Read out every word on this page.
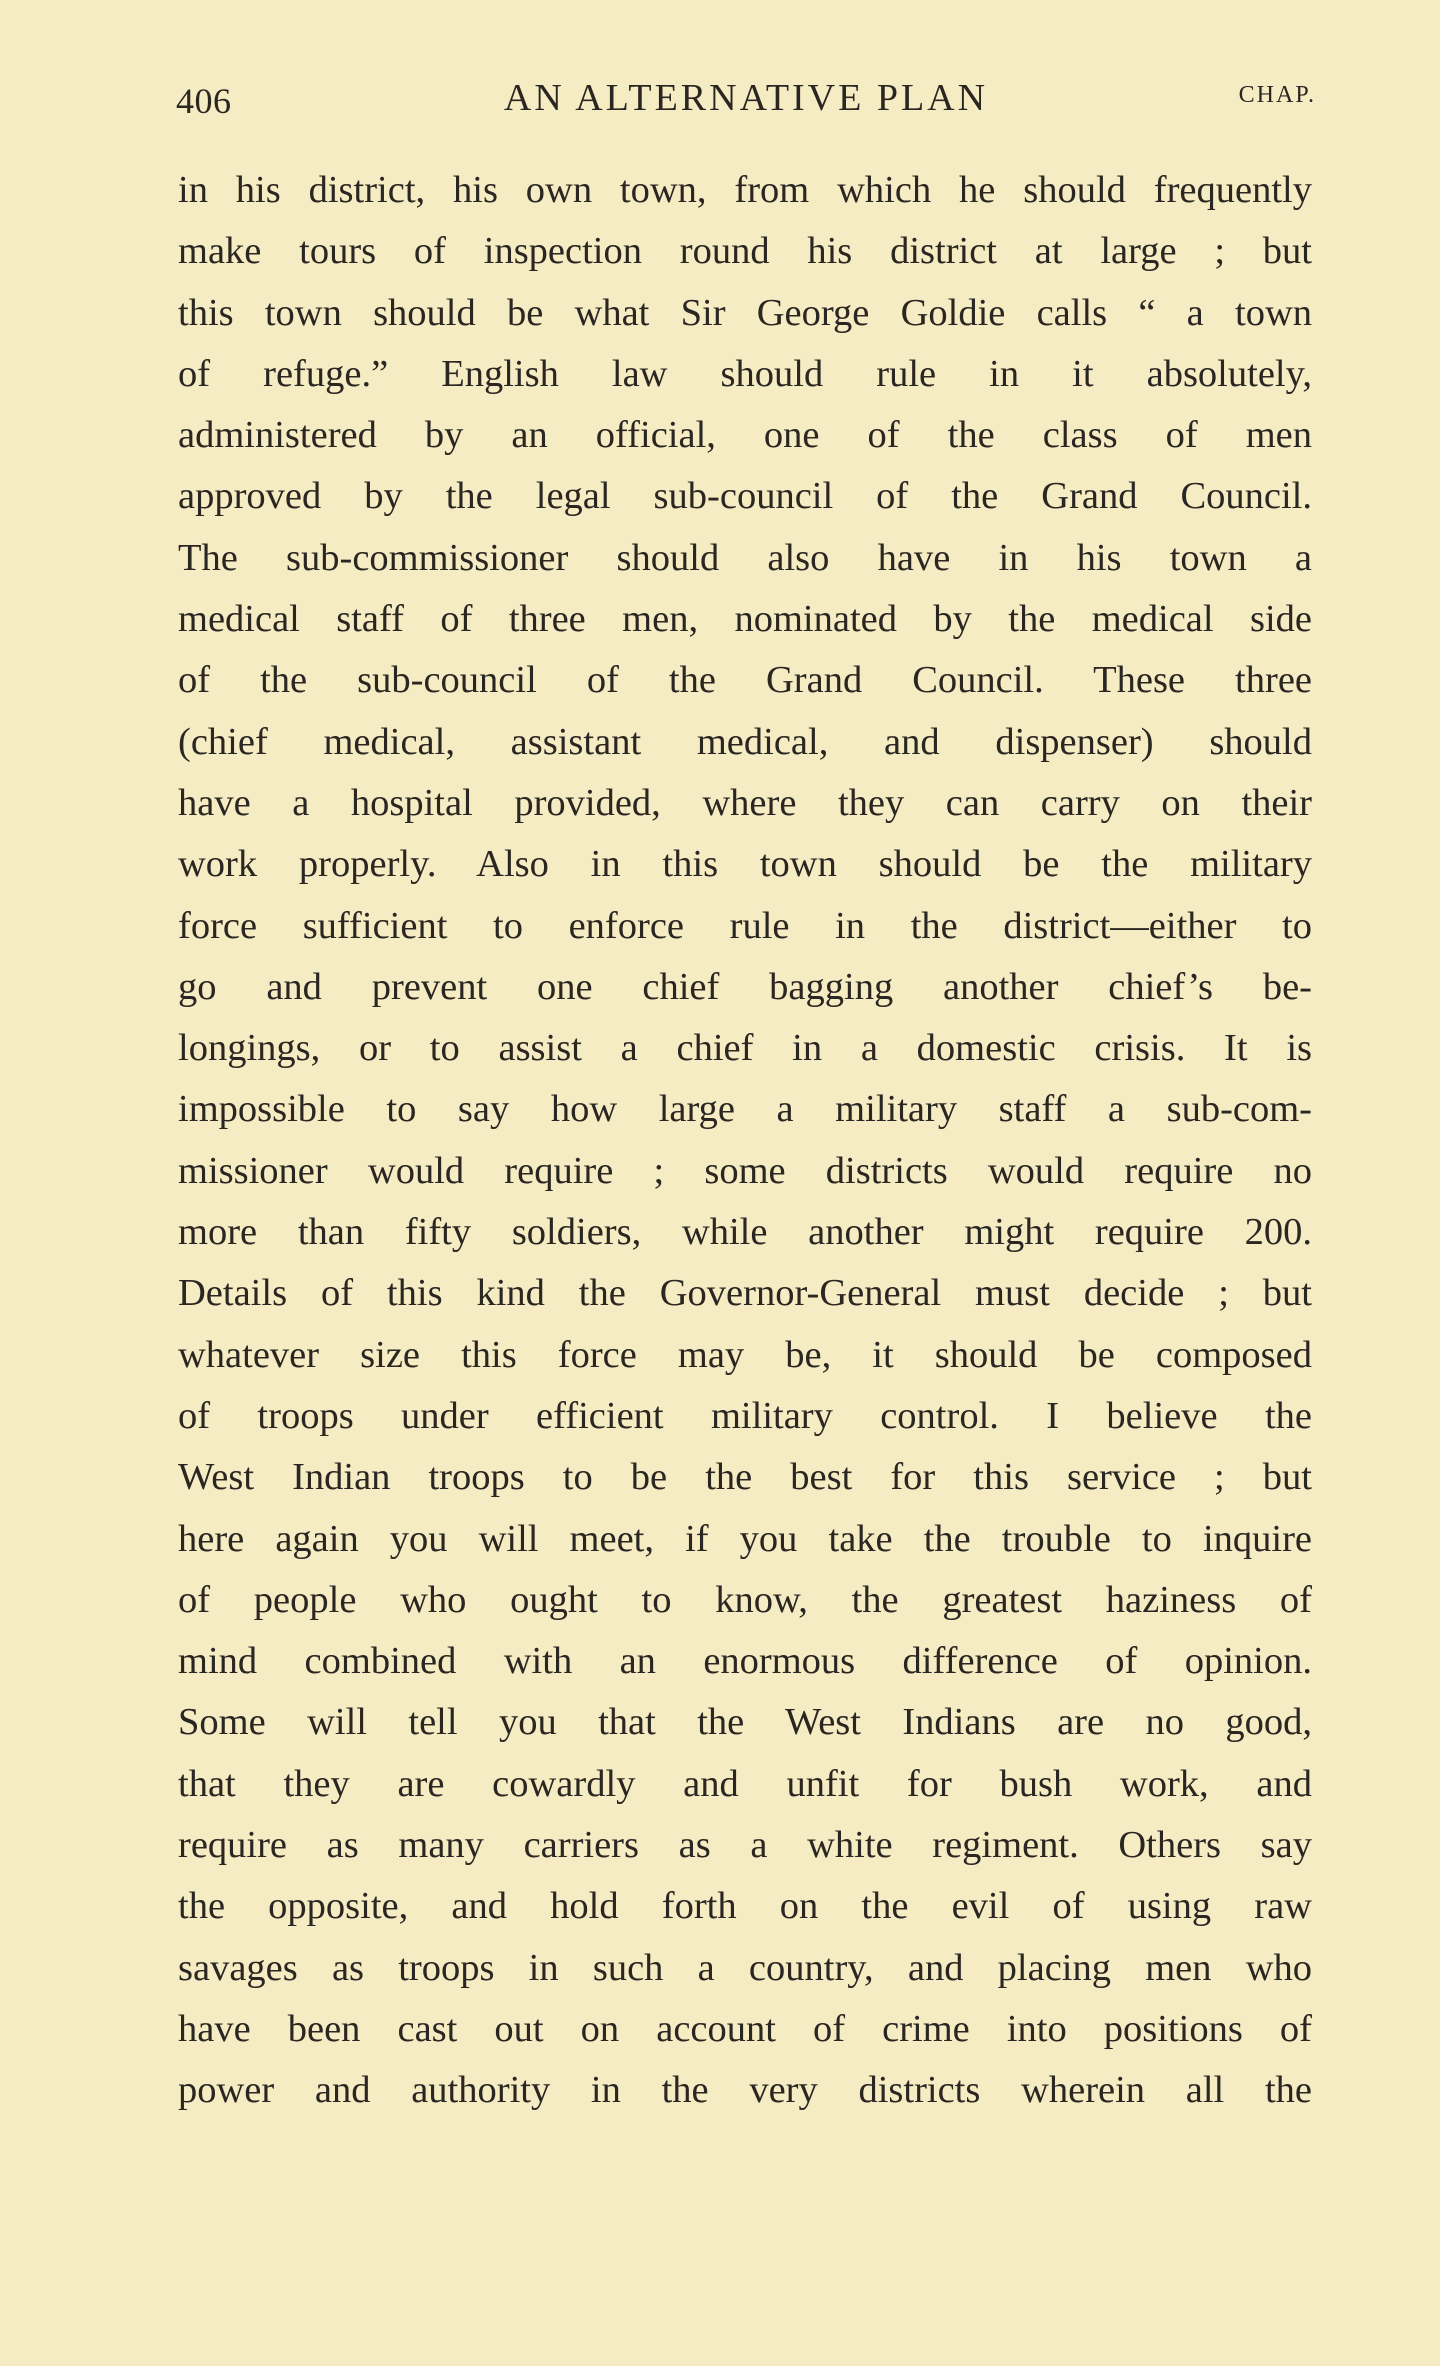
406	AN ALTERNATIVE PLAN	CHAP.
in his district, his own town, from which he should frequently
make tours of inspection round his district at large ; but
this town should be what Sir George Goldie calls “ a town
of refuge.” English law should rule in it absolutely,
administered by an official, one of the class of men
approved by the legal sub-council of the Grand Council.
The sub-commissioner should also have in his town a
medical staff of three men, nominated by the medical side
of the sub-council of the Grand Council. These three
(chief medical, assistant medical, and dispenser) should
have a hospital provided, where they can carry on their
work properly. Also in this town should be the military
force sufficient to enforce rule in the district—either to
go and prevent one chief bagging another chief’s be-
longings, or to assist a chief in a domestic crisis. It is
impossible to say how large a military staff a sub-com-
missioner would require ; some districts would require no
more than fifty soldiers, while another might require 200.
Details of this kind the Governor-General must decide ; but
whatever size this force may be, it should be composed
of troops under efficient military control. I believe the
West Indian troops to be the best for this service ; but
here again you will meet, if you take the trouble to inquire
of people who ought to know, the greatest haziness of
mind combined with an enormous difference of opinion.
Some will tell you that the West Indians are no good,
that they are cowardly and unfit for bush work, and
require as many carriers as a white regiment. Others say
the opposite, and hold forth on the evil of using raw
savages as troops in such a country, and placing men who
have been cast out on account of crime into positions of
power and authority in the very districts wherein all the
